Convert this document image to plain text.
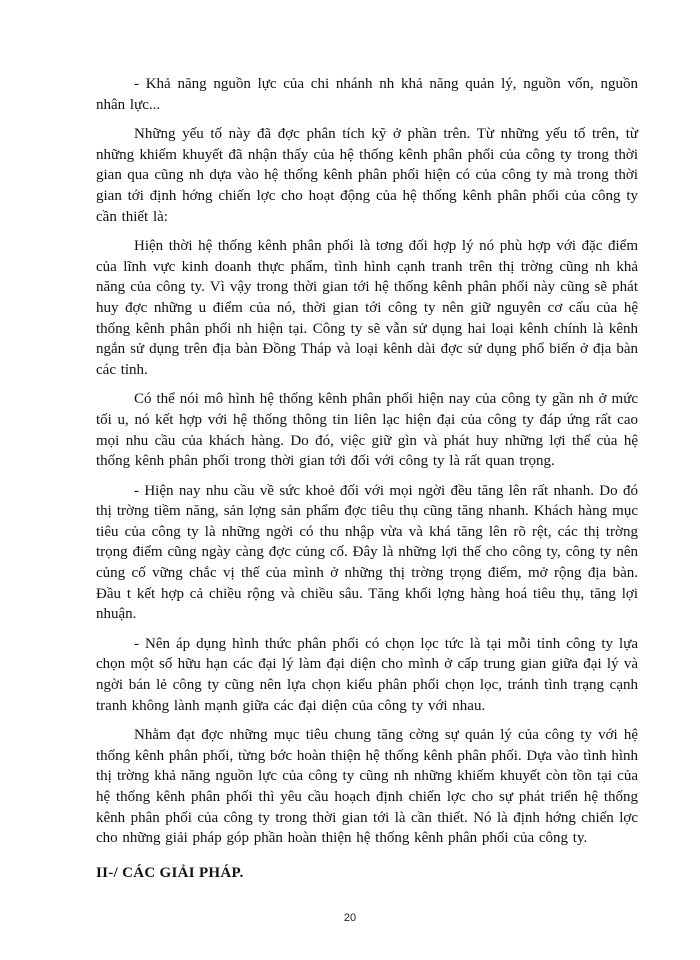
- Khả năng nguồn lực của chi nhánh nh khả năng quản lý, nguồn vốn, nguồn nhân lực...

Những yếu tố này đã đợc phân tích kỹ ở phần trên. Từ những yếu tố trên, từ những khiếm khuyết đã nhận thấy của hệ thống kênh phân phối của công ty trong thời gian qua cũng nh dựa vào hệ thống kênh phân phối hiện có của công ty mà trong thời gian tới định hớng chiến lợc cho hoạt động của hệ thống kênh phân phối của công ty cần thiết là:

Hiện thời hệ thống kênh phân phối là tơng đối hợp lý nó phù hợp với đặc điểm của lĩnh vực kinh doanh thực phẩm, tình hình cạnh tranh trên thị trờng cũng nh khả năng của công ty. Vì vậy trong thời gian tới hệ thống kênh phân phối này cũng sẽ phát huy đợc những u điểm của nó, thời gian tới công ty nên giữ nguyên cơ cấu của hệ thống kênh phân phối nh hiện tại. Công ty sẽ vẫn sử dụng hai loại kênh chính là kênh ngắn sử dụng trên địa bàn Đồng Tháp và loại kênh dài đợc sử dụng phổ biến ở địa bàn các tỉnh.

Có thể nói mô hình hệ thống kênh phân phối hiện nay của công ty gần nh ở mức tối u, nó kết hợp với hệ thống thông tin liên lạc hiện đại của công ty đáp ứng rất cao mọi nhu cầu của khách hàng. Do đó, việc giữ gìn và phát huy những lợi thế của hệ thống kênh phân phối trong thời gian tới đối với công ty là rất quan trọng.

- Hiện nay nhu cầu về sức khoẻ đối với mọi ngời đều tăng lên rất nhanh. Do đó thị trờng tiềm năng, sản lợng sản phẩm đợc tiêu thụ cũng tăng nhanh. Khách hàng mục tiêu của công ty là những ngời có thu nhập vừa và khá tăng lên rõ rệt, các thị trờng trọng điểm cũng ngày càng đợc củng cố. Đây là những lợi thế cho công ty, công ty nên củng cố vững chắc vị thế của mình ở những thị trờng trọng điểm, mở rộng địa bàn. Đầu t kết hợp cả chiều rộng và chiều sâu. Tăng khối lợng hàng hoá tiêu thụ, tăng lợi nhuận.

- Nên áp dụng hình thức phân phối có chọn lọc tức là tại mỗi tỉnh công ty lựa chọn một số hữu hạn các đại lý làm đại diện cho mình ở cấp trung gian giữa đại lý và ngời bán lẻ công ty cũng nên lựa chọn kiểu phân phối chọn lọc, tránh tình trạng cạnh tranh không lành mạnh giữa các đại diện của công ty với nhau.

Nhằm đạt đợc những mục tiêu chung tăng cờng sự quản lý của công ty với hệ thống kênh phân phối, từng bớc hoàn thiện hệ thống kênh phân phối. Dựa vào tình hình thị trờng khả năng nguồn lực của công ty cũng nh những khiếm khuyết còn tồn tại của hệ thống kênh phân phối thì yêu cầu hoạch định chiến lợc cho sự phát triển hệ thống kênh phân phối của công ty trong thời gian tới là cần thiết. Nó là định hớng chiến lợc cho những giải pháp góp phần hoàn thiện hệ thống kênh phân phối của công ty.

II-/ CÁC GIẢI PHÁP.

20
